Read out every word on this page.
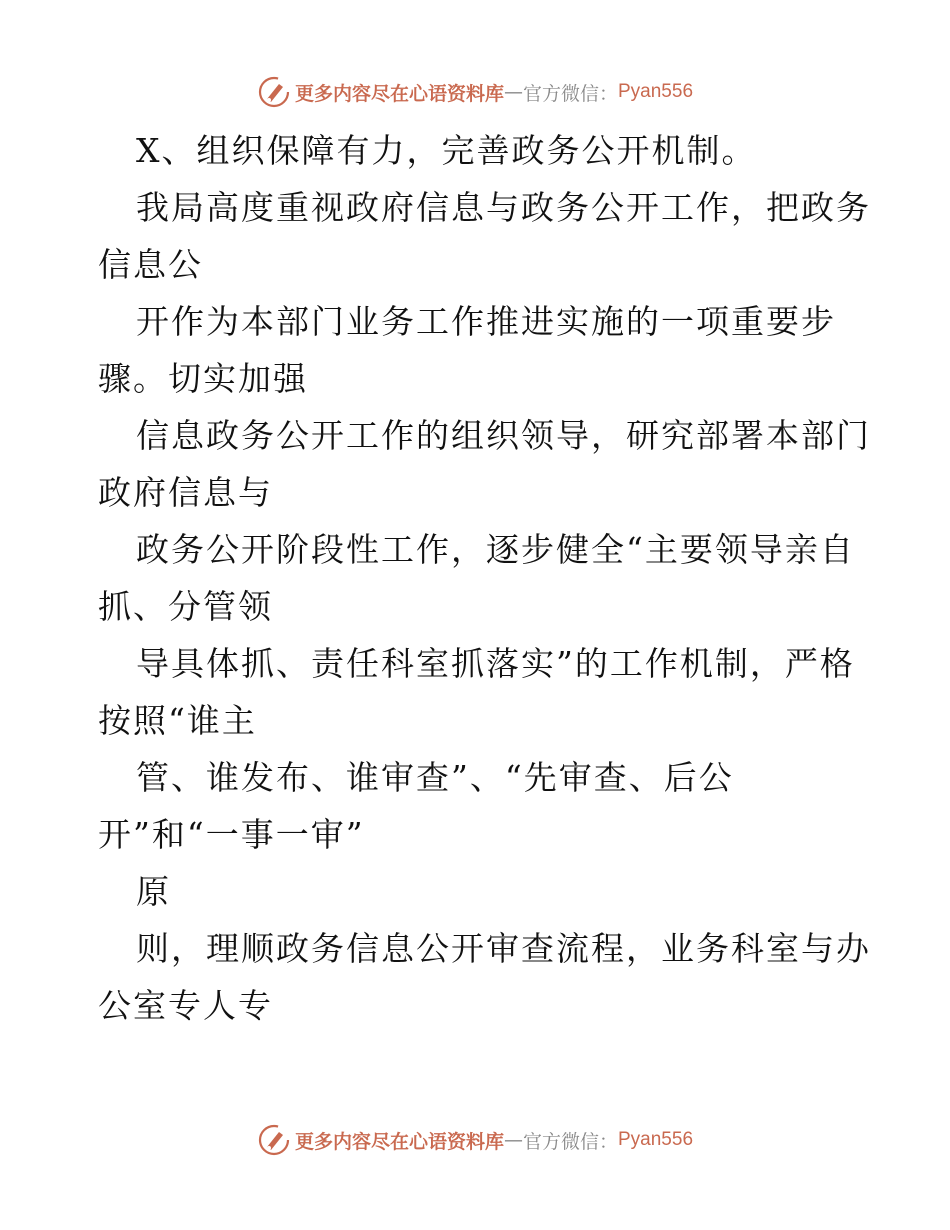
更多内容尽在心语资料库 — 官方微信： Pyan556
X、组织保障有力，完善政务公开机制。
我局高度重视政府信息与政务公开工作，把政务
信息公
开作为本部门业务工作推进实施的一项重要步
骤。切实加强
信息政务公开工作的组织领导，研究部署本部门
政府信息与
政务公开阶段性工作，逐步健全“主要领导亲自
抓、分管领
导具体抓、责任科室抓落实”的工作机制，严格
按照“谁主
管、谁发布、谁审查”、“先审查、后公
开”和“一事一审”
原
则，理顺政务信息公开审查流程，业务科室与办
公室专人专
更多内容尽在心语资料库 — 官方微信： Pyan556
